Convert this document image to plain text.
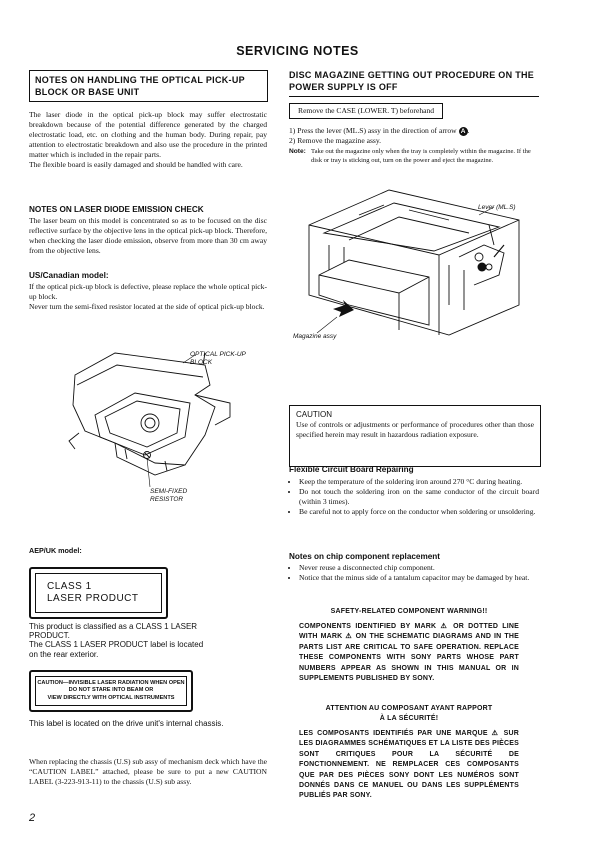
SERVICING NOTES
NOTES ON HANDLING THE OPTICAL PICK-UP BLOCK OR BASE UNIT
The laser diode in the optical pick-up block may suffer electrostatic breakdown because of the potential difference generated by the charged electrostatic load, etc. on clothing and the human body. During repair, pay attention to electrostatic breakdown and also use the procedure in the printed matter which is included in the repair parts.
The flexible board is easily damaged and should be handled with care.
NOTES ON LASER DIODE EMISSION CHECK
The laser beam on this model is concentrated so as to be focused on the disc reflective surface by the objective lens in the optical pick-up block. Therefore, when checking the laser diode emission, observe from more than 30 cm away from the objective lens.
US/Canadian model:
If the optical pick-up block is defective, please replace the whole optical pick-up block.
Never turn the semi-fixed resistor located at the side of optical pick-up block.
OPTICAL PICK-UP BLOCK
SEMI-FIXED RESISTOR
AEP/UK model:
CLASS 1
LASER PRODUCT
This product is classified as a CLASS 1 LASER PRODUCT.
The CLASS 1 LASER PRODUCT label is located on the rear exterior.
CAUTION—INVISIBLE LASER RADIATION WHEN OPEN
DO NOT STARE INTO BEAM OR
VIEW DIRECTLY WITH OPTICAL INSTRUMENTS
This label is located on the drive unit's internal chassis.
When replacing the chassis (U.S) sub assy of mechanism deck which have the “CAUTION LABEL” attached, please be sure to put a new CAUTION LABEL (3-223-913-11) to the chassis (U.S) sub assy.
2
DISC MAGAZINE GETTING OUT PROCEDURE ON THE POWER SUPPLY IS OFF
Remove the CASE (LOWER. T) beforehand
1) Press the lever (ML.S) assy in the direction of arrow A .
2) Remove the magazine assy.
Note: Take out the magazine only when the tray is completely within the magazine. If the disk or tray is sticking out, turn on the power and eject the magazine.
Lever (ML.S)
Magazine assy
CAUTION
Use of controls or adjustments or performance of procedures other than those specified herein may result in hazardous radiation exposure.
Flexible Circuit Board Repairing
• Keep the temperature of the soldering iron around 270 °C during heating.
• Do not touch the soldering iron on the same conductor of the circuit board (within 3 times).
• Be careful not to apply force on the conductor when soldering or unsoldering.
Notes on chip component replacement
• Never reuse a disconnected chip component.
• Notice that the minus side of a tantalum capacitor may be damaged by heat.
SAFETY-RELATED COMPONENT WARNING!!
COMPONENTS IDENTIFIED BY MARK ⚠ OR DOTTED LINE WITH MARK ⚠ ON THE SCHEMATIC DIAGRAMS AND IN THE PARTS LIST ARE CRITICAL TO SAFE OPERATION. REPLACE THESE COMPONENTS WITH SONY PARTS WHOSE PART NUMBERS APPEAR AS SHOWN IN THIS MANUAL OR IN SUPPLEMENTS PUBLISHED BY SONY.
ATTENTION AU COMPOSANT AYANT RAPPORT
À LA SÉCURITÉ!
LES COMPOSANTS IDENTIFIÉS PAR UNE MARQUE ⚠ SUR LES DIAGRAMMES SCHÉMATIQUES ET LA LISTE DES PIÈCES SONT CRITIQUES POUR LA SÉCURITÉ DE FONCTIONNEMENT. NE REMPLACER CES COMPOSANTS QUE PAR DES PIÈCES SONY DONT LES NUMÉROS SONT DONNÉS DANS CE MANUEL OU DANS LES SUPPLÉMENTS PUBLIÉS PAR SONY.
